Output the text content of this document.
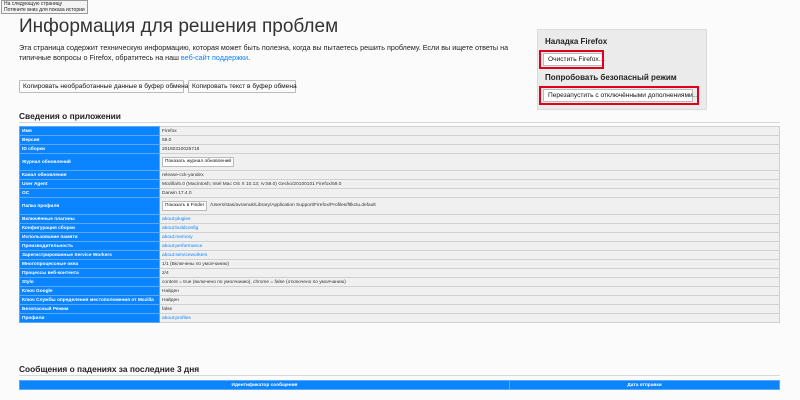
На следующую страницу
Потяните вниз для показа истории
Информация для решения проблем

Эта страница содержит техническую информацию, которая может быть полезна, когда вы пытаетесь решить проблему. Если вы ищете ответы на типичные вопросы о Firefox, обратитесь на наш веб-сайт поддержки.

Копировать необработанные данные в буфер обмена Копировать текст в буфер обмена
Наладка Firefox
Очистить Firefox…
Попробовать безопасный режим
Перезапустить с отключёнными дополнениями…
Сведения о приложении
Имя	Firefox
Версия	59.0
ID сборки	20180310025718
Журнал обновлений	Показать журнал обновлений
Канал обновления	release-cck-yandex
User Agent	Mozilla/5.0 (Macintosh; Intel Mac OS X 10.13; rv:59.0) Gecko/20100101 Firefox/59.0
ОС	Darwin 17.4.0
Папка профиля	Показать в Finder /Users/stas/avramuk/Library/Application Support/Firefox/Profiles/ftlkctu.default
Включённые плагины	about:plugins
Конфигурация сборки	about:buildconfig
Использование памяти	about:memory
Производительность	about:performance
Зарегистрированные Service Workers	about:serviceworkers
Многопроцессные окна	1/1 (Включены по умолчанию)
Процессы веб-контента	2/4
Stylo	content = true (включено по умолчанию), chrome = false (отключено по умолчанию)
Ключ Google	Найден
Ключ Службы определения местоположения от Mozilla	Найден
Безопасный Режим	false
Профили	about:profiles
Сообщения о падениях за последние 3 дня
Идентификатор сообщения	Дата отправки
